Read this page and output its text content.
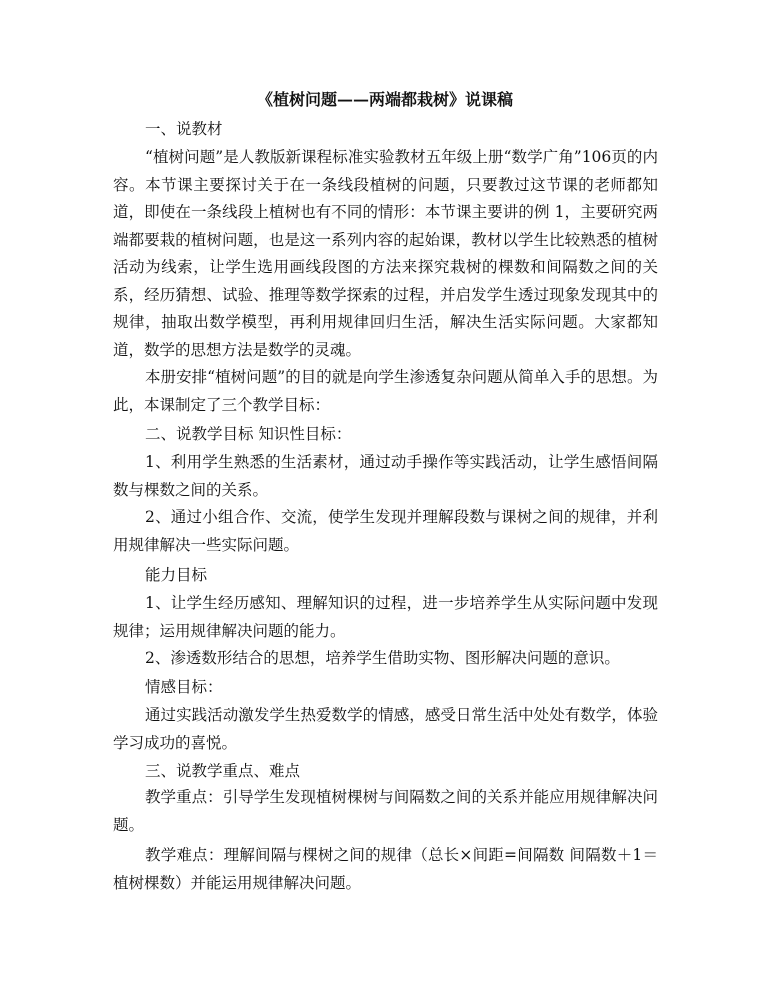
《植树问题——两端都栽树》说课稿
一、说教材
“植树问题”是人教版新课程标准实验教材五年级上册“数学广角”106页的内容。本节课主要探讨关于在一条线段植树的问题，只要教过这节课的老师都知道，即使在一条线段上植树也有不同的情形：本节课主要讲的例 1，主要研究两端都要栽的植树问题，也是这一系列内容的起始课，教材以学生比较熟悉的植树活动为线索，让学生选用画线段图的方法来探究栽树的棵数和间隔数之间的关系，经历猜想、试验、推理等数学探索的过程，并启发学生透过现象发现其中的规律，抽取出数学模型，再利用规律回归生活，解决生活实际问题。大家都知道，数学的思想方法是数学的灵魂。
本册安排“植树问题”的目的就是向学生渗透复杂问题从简单入手的思想。为此，本课制定了三个教学目标：
二、说教学目标 知识性目标：
1、利用学生熟悉的生活素材，通过动手操作等实践活动，让学生感悟间隔数与棵数之间的关系。
2、通过小组合作、交流，使学生发现并理解段数与课树之间的规律，并利用规律解决一些实际问题。
能力目标
1、让学生经历感知、理解知识的过程，进一步培养学生从实际问题中发现规律；运用规律解决问题的能力。
2、渗透数形结合的思想，培养学生借助实物、图形解决问题的意识。
情感目标：
通过实践活动激发学生热爱数学的情感，感受日常生活中处处有数学，体验学习成功的喜悦。
三、说教学重点、难点
教学重点：引导学生发现植树棵树与间隔数之间的关系并能应用规律解决问题。
教学难点：理解间隔与棵树之间的规律（总长×间距=间隔数 间隔数＋1＝植树棵数）并能运用规律解决问题。
